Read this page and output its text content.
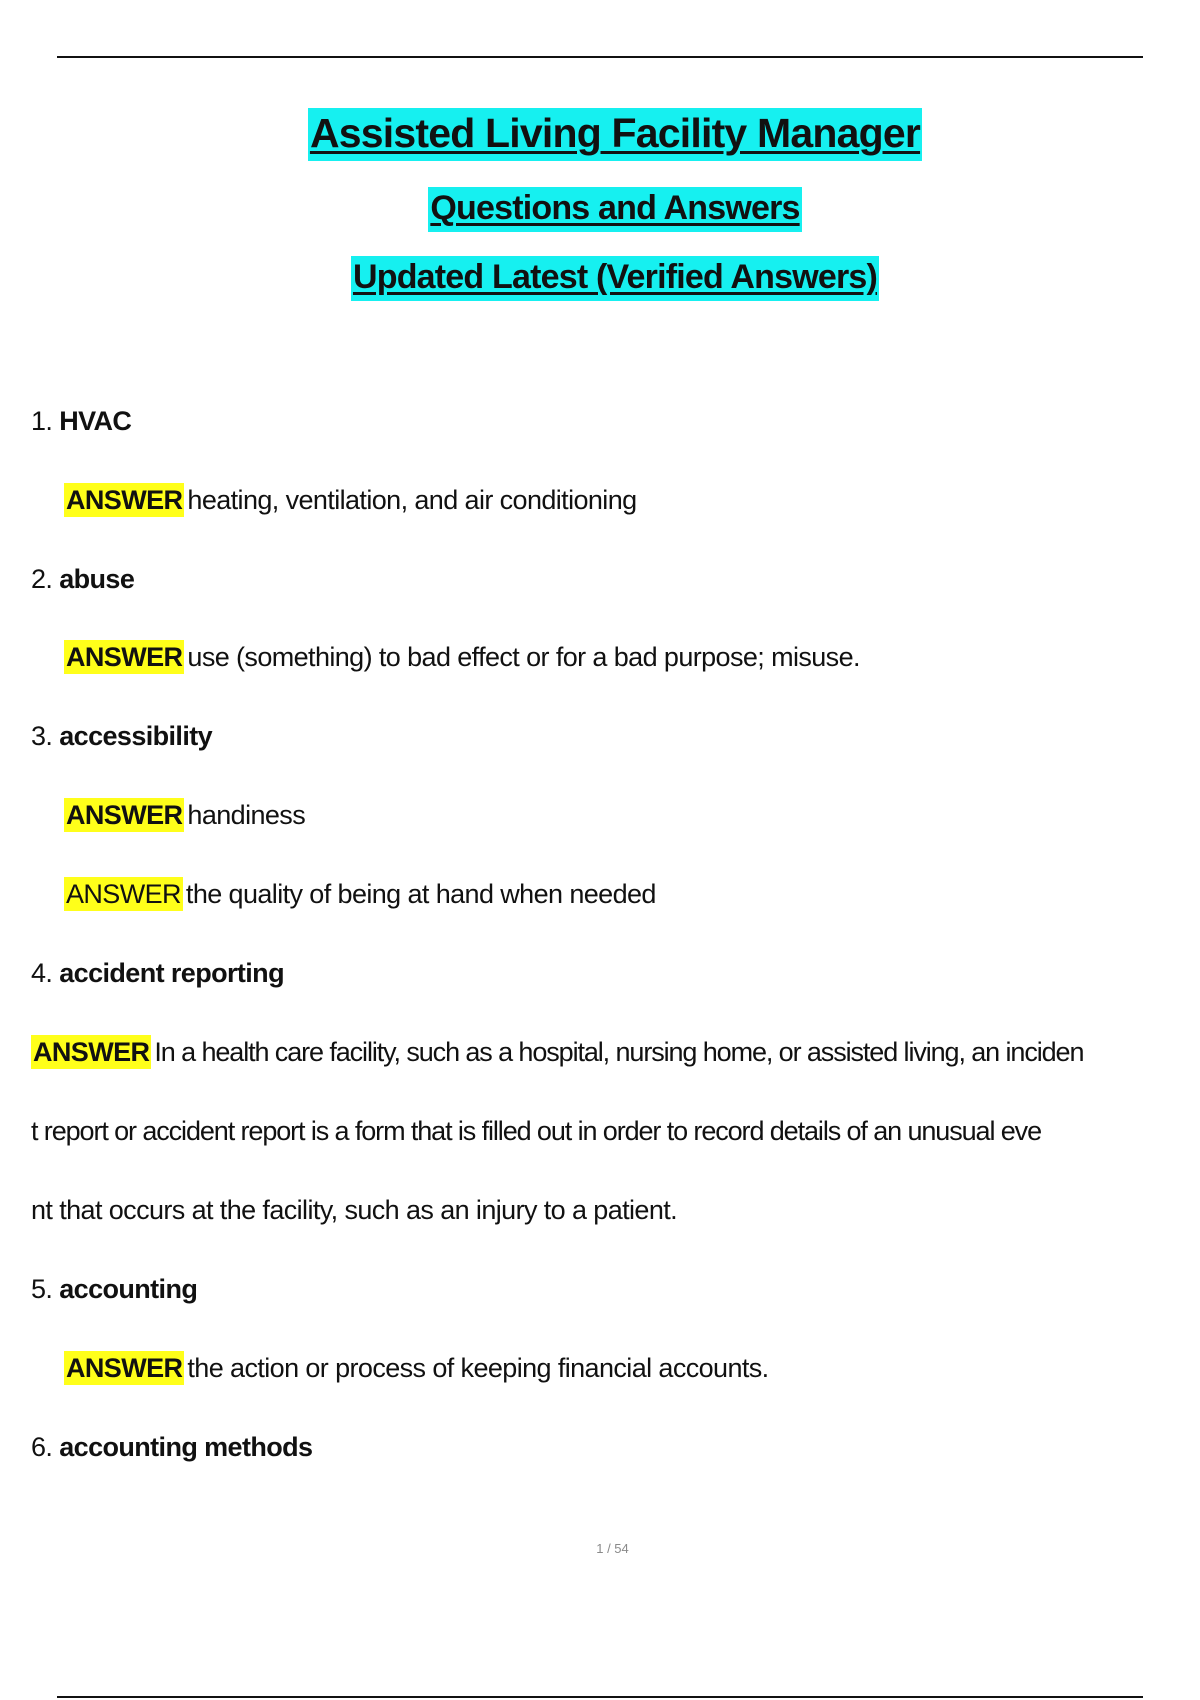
Assisted Living Facility Manager
Questions and Answers
Updated Latest (Verified Answers)
1. HVAC
ANSWER heating, ventilation, and air conditioning
2. abuse
ANSWER use (something) to bad effect or for a bad purpose; misuse.
3. accessibility
ANSWER handiness
ANSWER the quality of being at hand when needed
4. accident reporting
ANSWER In a health care facility, such as a hospital, nursing home, or assisted living, an inciden
t report or accident report is a form that is filled out in order to record details of an unusual eve
nt that occurs at the facility, such as an injury to a patient.
5. accounting
ANSWER the action or process of keeping financial accounts.
6. accounting methods
1 / 54
